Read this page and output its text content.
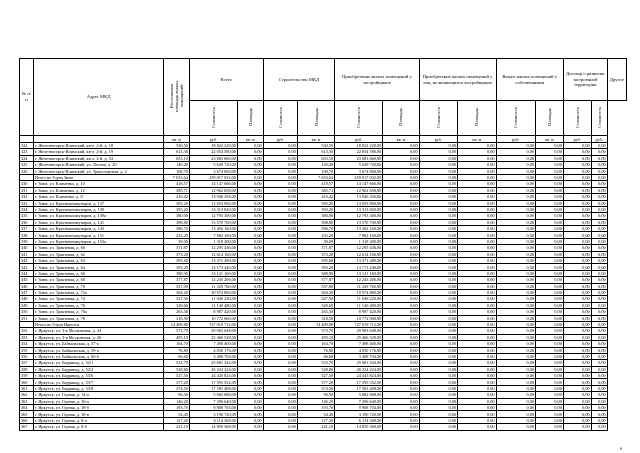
№ п/п	Адрес МКД	Расселяемая площадь жилых помещений	Всего		Строительство МКД		Приобретение жилых помещений у застройщиков		Приобретение жилых помещений у лиц, не являющихся застройщиком		Выкуп жилых помещений у собственников		Договор о развитии застроенной территории		Другое
			Стоимость	Площадь	Стоимость	Площадь	Стоимость	Площадь	Стоимость	Площадь	Стоимость	Площадь	Стоимость	Стоимость	
		кв. м	руб.	кв. м	руб.	кв. м	руб.	кв. м	руб.	кв. м	руб.	кв. м	руб.	руб.	
322	г. Железногорск-Илимский, кв-л. 2-й, д. 18	530,50	18 822 220,00	0,00	0,00	530,50	18 822 220,00	0,00	0,00	0,00	0,00	0,00	0,00	0,00	
323	г. Железногорск-Илимский, кв-л. 2-й, д. 19	613,30	22 054 580,00	0,00	0,00	613,30	22 054 580,00	0,00	0,00	0,00	0,00	0,00	0,00	0,00	
324	г. Железногорск-Илимский, кв-л. 2-й, д. 54	653,10	23 683 660,00	0,00	0,00	653,10	23 683 660,00	0,00	0,00	0,00	0,00	0,00	0,00	0,00	
325	г. Железногорск-Илимский, ул. Лесная, д. 20	149,40	5 649 720,00	0,00	0,00	149,40	5 649 720,00	0,00	0,00	0,00	0,00	0,00	0,00	0,00	
326	г. Железногорск-Илимский, ул. Транспортная, д. 2	108,70	3 674 060,00	0,00	0,00	108,70	3 674 060,00	0,00	0,00	0,00	0,00	0,00	0,00	0,00	
	Итого по Горзи Зима	7 633,64	259 017 032,00	0,00	0,00	7 633,64	259 017 032,00	0,00	0,00	0,00	0,00	0,00	0,00	0,00	
330	г. Зима, ул. Клименко, д. 10	418,57	14 147 666,00	0,00	0,00	418,57	14 147 666,00	0,00	0,00	0,00	0,00	0,00	0,00	0,00	
331	г. Зима, ул. Клименко, д. 12	385,71	12 962 658,00	0,00	0,00	385,71	12 962 658,00	0,00	0,00	0,00	0,00	0,00	0,00	0,00	
332	г. Зима, ул. Клименко, д. 8	410,42	13 946 356,00	0,00	0,00	410,42	13 946 356,00	0,00	0,00	0,00	0,00	0,00	0,00	0,00	
333	г. Зима, ул. Краснокоммунаров, д. 137	395,20	13 053 960,00	0,00	0,00	395,20	13 053 960,00	0,00	0,00	0,00	0,00	0,00	0,00	0,00	
334	г. Зима, ул. Краснокоммунаров, д. 139	393,20	13 313 820,00	0,00	0,00	393,20	13 313 820,00	0,00	0,00	0,00	0,00	0,00	0,00	0,00	
335	г. Зима, ул. Краснокоммунаров, д. 139а	380,00	12 793 300,00	0,00	0,00	380,00	12 793 300,00	0,00	0,00	0,00	0,00	0,00	0,00	0,00	
336	г. Зима, ул. Краснокоммунаров, д. 141	398,80	13 570 700,00	0,00	0,00	398,80	13 570 700,00	0,00	0,00	0,00	0,00	0,00	0,00	0,00	
337	г. Зима, ул. Краснокоммунаров, д. 143	396,70	13 492 160,00	0,00	0,00	396,70	13 492 160,00	0,00	0,00	0,00	0,00	0,00	0,00	0,00	
338	г. Зима, ул. Краснокоммунаров, д. 151	233,20	7 882 160,00	0,00	0,00	233,20	7 882 160,00	0,00	0,00	0,00	0,00	0,00	0,00	0,00	
339	г. Зима, ул. Краснокоммунаров, д. 153а	39,00	1 318 200,00	0,00	0,00	39,00	1 318 200,00	0,00	0,00	0,00	0,00	0,00	0,00	0,00	
340	г. Зима, ул. Трактовая, д. 60	371,87	12 295 436,00	0,00	0,00	371,87	12 295 436,00	0,00	0,00	0,00	0,00	0,00	0,00	0,00	
341	г. Зима, ул. Трактовая, д. 62	373,20	12 614 160,00	0,00	0,00	373,20	12 614 160,00	0,00	0,00	0,00	0,00	0,00	0,00	0,00	
342	г. Зима, ул. Трактовая, д. 63	395,60	13 371 280,00	0,00	0,00	395,60	13 371 280,00	0,00	0,00	0,00	0,00	0,00	0,00	0,00	
343	г. Зима, ул. Трактовая, д. 64	393,20	13 173 240,00	0,00	0,00	393,20	13 173 240,00	0,00	0,00	0,00	0,00	0,00	0,00	0,00	
344	г. Зима, ул. Трактовая, д. 66	388,90	13 121 160,00	0,00	0,00	388,90	13 121 160,00	0,00	0,00	0,00	0,00	0,00	0,00	0,00	
345	г. Зима, ул. Трактовая, д. 68	377,87	12 245 206,00	0,00	0,00	377,87	12 245 206,00	0,00	0,00	0,00	0,00	0,00	0,00	0,00	
346	г. Зима, ул. Трактовая, д. 70	337,00	11 329 760,00	0,00	0,00	337,00	11 329 760,00	0,00	0,00	0,00	0,00	0,00	0,00	0,00	
347	г. Зима, ул. Трактовая, д. 72а	304,20	10 974 860,00	0,00	0,00	304,20	10 974 860,00	0,00	0,00	0,00	0,00	0,00	0,00	0,00	
348	г. Зима, ул. Трактовая, д. 74	327,50	11 049 220,00	0,00	0,00	327,50	11 049 220,00	0,00	0,00	0,00	0,00	0,00	0,00	0,00	
349	г. Зима, ул. Трактовая, д. 76	329,60	11 140 480,00	0,00	0,00	329,60	11 140 480,00	0,00	0,00	0,00	0,00	0,00	0,00	0,00	
350	г. Зима, ул. Трактовая, д. 76а	265,30	8 987 420,00	0,00	0,00	265,30	8 987 420,00	0,00	0,00	0,00	0,00	0,00	0,00	0,00	
351	г. Зима, ул. Трактовая, д. 78	318,50	10 772 060,00	0,00	0,00	318,50	10 772 060,00	0,00	0,00	0,00	0,00	0,00	0,00	0,00	
	Итого по Горзи Иркутск	14 409,80	727 019 712,00	0,00	0,00	14 409,80	727 019 712,00	0,00	0,00	0,00	0,00	0,00	0,00	0,00	
352	г. Иркутск, ул. 3-я Московская, д. 24	573,70	29 963 648,00	0,00	0,00	573,70	29 963 648,00	0,00	0,00	0,00	0,00	0,00	0,00	0,00	
353	г. Иркутск, ул. 3-я Московская, д. 26	495,10	25 466 528,00	0,00	0,00	495,10	25 466 528,00	0,00	0,00	0,00	0,00	0,00	0,00	0,00	
354	г. Иркутск, ул. Байкальская, д. 57-а	164,70	7 498 400,00	0,00	0,00	164,70	7 498 400,00	0,00	0,00	0,00	0,00	0,00	0,00	0,00	
355	г. Иркутск, ул. Байкальская, д. 59-а	76,80	4 050 176,00	0,00	0,00	76,80	4 050 176,00	0,00	0,00	0,00	0,00	0,00	0,00	0,00	
356	г. Иркутск, ул. Байкальская, д. 60-б	66,60	3 408 704,00	0,00	0,00	66,60	3 408 704,00	0,00	0,00	0,00	0,00	0,00	0,00	0,00	
357	г. Иркутск, ул. Баррикад, д. 52/1	533,70	25 681 344,00	0,00	0,00	533,70	25 681 344,00	0,00	0,00	0,00	0,00	0,00	0,00	0,00	
358	г. Иркутск, ул. Баррикад, д. 52/2	528,80	26 224 224,00	0,00	0,00	528,80	26 224 224,00	0,00	0,00	0,00	0,00	0,00	0,00	0,00	
359	г. Иркутск, ул. Баррикад, д. 53/6	527,50	24 445 824,00	0,00	0,00	527,50	24 445 824,00	0,00	0,00	0,00	0,00	0,00	0,00	0,00	
360	г. Иркутск, ул. Баррикад, д. 53/7	377,20	17 595 552,00	0,00	0,00	377,20	17 595 552,00	0,00	0,00	0,00	0,00	0,00	0,00	0,00	
361	г. Иркутск, ул. Баррикад, д. 53/8	374,50	17 581 408,00	0,00	0,00	374,50	17 581 408,00	0,00	0,00	0,00	0,00	0,00	0,00	0,00	
362	г. Иркутск, ул. Горная, д. 14-а	96,50	5 082 688,00	0,00	0,00	96,50	5 082 688,00	0,00	0,00	0,00	0,00	0,00	0,00	0,00	
363	г. Иркутск, ул. Горная, д. 16-а	146,20	7 296 640,00	0,00	0,00	146,20	7 296 640,00	0,00	0,00	0,00	0,00	0,00	0,00	0,00	
364	г. Иркутск, ул. Горная, д. 18-б	193,70	9 908 704,00	0,00	0,00	193,70	9 908 704,00	0,00	0,00	0,00	0,00	0,00	0,00	0,00	
365	г. Иркутск, ул. Горная, д. 18-в	54,40	3 190 720,00	0,00	0,00	54,40	3 190 720,00	0,00	0,00	0,00	0,00	0,00	0,00	0,00	
366	г. Иркутск, ул. Горная, д. 8-а	127,20	6 114 368,00	0,00	0,00	127,20	6 114 368,00	0,00	0,00	0,00	0,00	0,00	0,00	0,00	
367	г. Иркутск, ул. Горная, д. 8-б	221,10	14 850 368,00	0,00	0,00	221,10	14 850 368,00	0,00	0,00	0,00	0,00	0,00	0,00	0,00	
6
